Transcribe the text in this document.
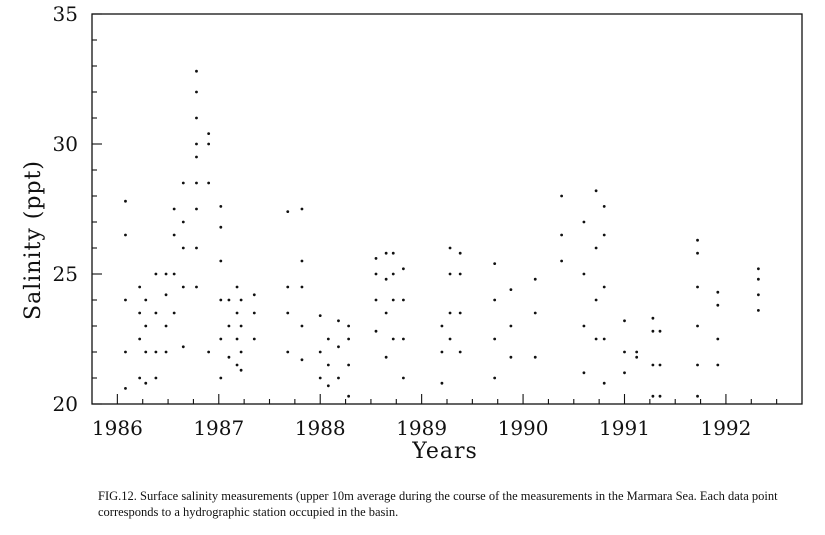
20
25
30
35
1986	1987	1988	1989	1990	1991	1992
Salinity (ppt)
Years
FIG.12. Surface salinity measurements (upper 10m average during the course of the measurements in the Marmara Sea. Each data point corresponds to a hydrographic station occupied in the basin.
